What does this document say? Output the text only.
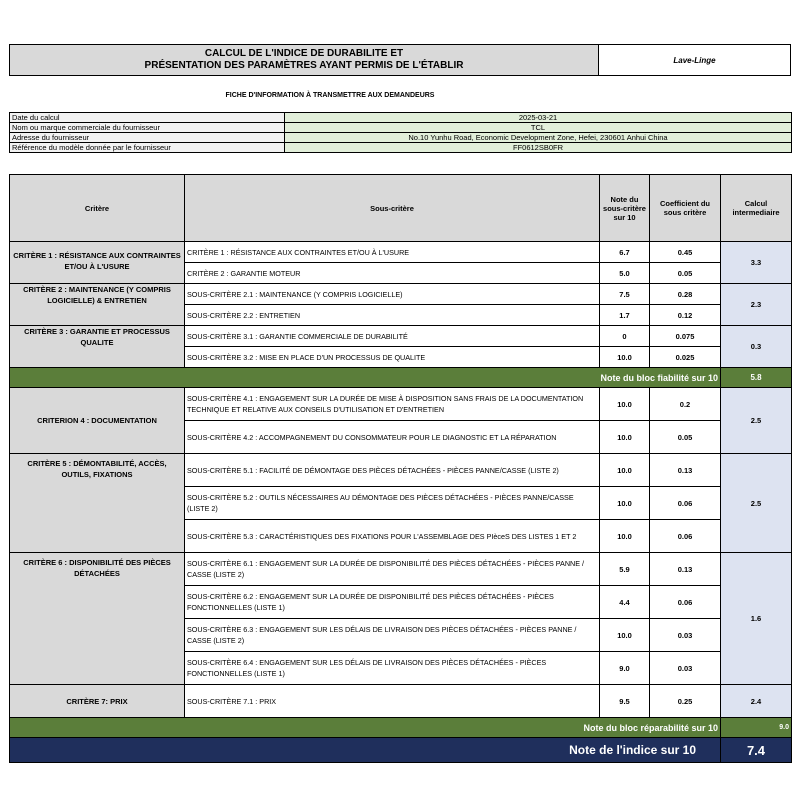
CALCUL DE L'INDICE DE DURABILITE ET
PRÉSENTATION DES PARAMÈTRES AYANT PERMIS DE L'ÉTABLIR	Lave-Linge
FICHE D'INFORMATION À TRANSMETTRE AUX DEMANDEURS
Date du calcul	2025-03-21
Nom ou marque commerciale du fournisseur	TCL
Adresse du fournisseur	No.10 Yunhu Road, Economic Development Zone, Hefei, 230601 Anhui China
Référence du modèle donnée par le fournisseur	FF0612SB0FR
Critère	Sous-critère	Note du sous-critère sur 10	Coefficient du sous critère	Calcul intermediaire
CRITÈRE 1 : RÉSISTANCE AUX CONTRAINTES ET/OU À L'USURE	CRITÈRE 1 : RÉSISTANCE AUX CONTRAINTES ET/OU À L'USURE	6.7	0.45	3.3
	CRITÈRE 2 : GARANTIE MOTEUR	5.0	0.05	
CRITÈRE 2 : MAINTENANCE (Y COMPRIS LOGICIELLE) & ENTRETIEN	SOUS-CRITÈRE 2.1 : MAINTENANCE (Y COMPRIS LOGICIELLE)	7.5	0.28	2.3
	SOUS-CRITÈRE 2.2 : ENTRETIEN	1.7	0.12	
CRITÈRE 3 : GARANTIE ET PROCESSUS QUALITE	SOUS-CRITÈRE 3.1 : GARANTIE COMMERCIALE DE DURABILITÉ	0	0.075	0.3
	SOUS-CRITÈRE 3.2 : MISE EN PLACE D'UN PROCESSUS DE QUALITE	10.0	0.025	
Note du bloc fiabilité sur 10				5.8
CRITERION 4 : DOCUMENTATION	SOUS-CRITÈRE 4.1 : ENGAGEMENT SUR LA DURÉE DE MISE À DISPOSITION SANS FRAIS DE LA DOCUMENTATION TECHNIQUE ET RELATIVE AUX CONSEILS D'UTILISATION ET D'ENTRETIEN	10.0	0.2	2.5
	SOUS-CRITÈRE 4.2 : ACCOMPAGNEMENT DU CONSOMMATEUR POUR LE DIAGNOSTIC ET LA RÉPARATION	10.0	0.05	
CRITÈRE 5 : DÉMONTABILITÉ, ACCÈS, OUTILS, FIXATIONS	SOUS-CRITÈRE 5.1 : FACILITÉ DE DÉMONTAGE DES PIÈCES DÉTACHÉES - PIÈCES PANNE/CASSE (LISTE 2)	10.0	0.13	2.5
	SOUS-CRITÈRE 5.2 : OUTILS NÉCESSAIRES AU DÉMONTAGE DES PIÈCES DÉTACHÉES - PIÈCES PANNE/CASSE (LISTE 2)	10.0	0.06	
	SOUS-CRITÈRE 5.3 : CARACTÉRISTIQUES DES FIXATIONS POUR L'ASSEMBLAGE DES PIèceS DES LISTES 1 ET 2	10.0	0.06	
CRITÈRE 6 : DISPONIBILITÉ DES PIÈCES DÉTACHÉES	SOUS-CRITÈRE 6.1 : ENGAGEMENT SUR LA DURÉE DE DISPONIBILITÉ DES PIÈCES DÉTACHÉES - PIÈCES PANNE / CASSE (LISTE 2)	5.9	0.13	1.6
	SOUS-CRITÈRE 6.2 : ENGAGEMENT SUR LA DURÉE DE DISPONIBILITÉ DES PIÈCES DÉTACHÉES - PIÈCES FONCTIONNELLES (LISTE 1)	4.4	0.06	
	SOUS-CRITÈRE 6.3 : ENGAGEMENT SUR LES DÉLAIS DE LIVRAISON DES PIÈCES DÉTACHÉES - PIÈCES PANNE / CASSE (LISTE 2)	10.0	0.03	
	SOUS-CRITÈRE 6.4 : ENGAGEMENT SUR LES DÉLAIS DE LIVRAISON DES PIÈCES DÉTACHÉES - PIÈCES FONCTIONNELLES (LISTE 1)	9.0	0.03	
CRITÈRE 7: PRIX	SOUS-CRITÈRE 7.1 : PRIX	9.5	0.25	2.4
Note du bloc réparabilité sur 10				9.0
Note de l'indice sur 10				7.4
